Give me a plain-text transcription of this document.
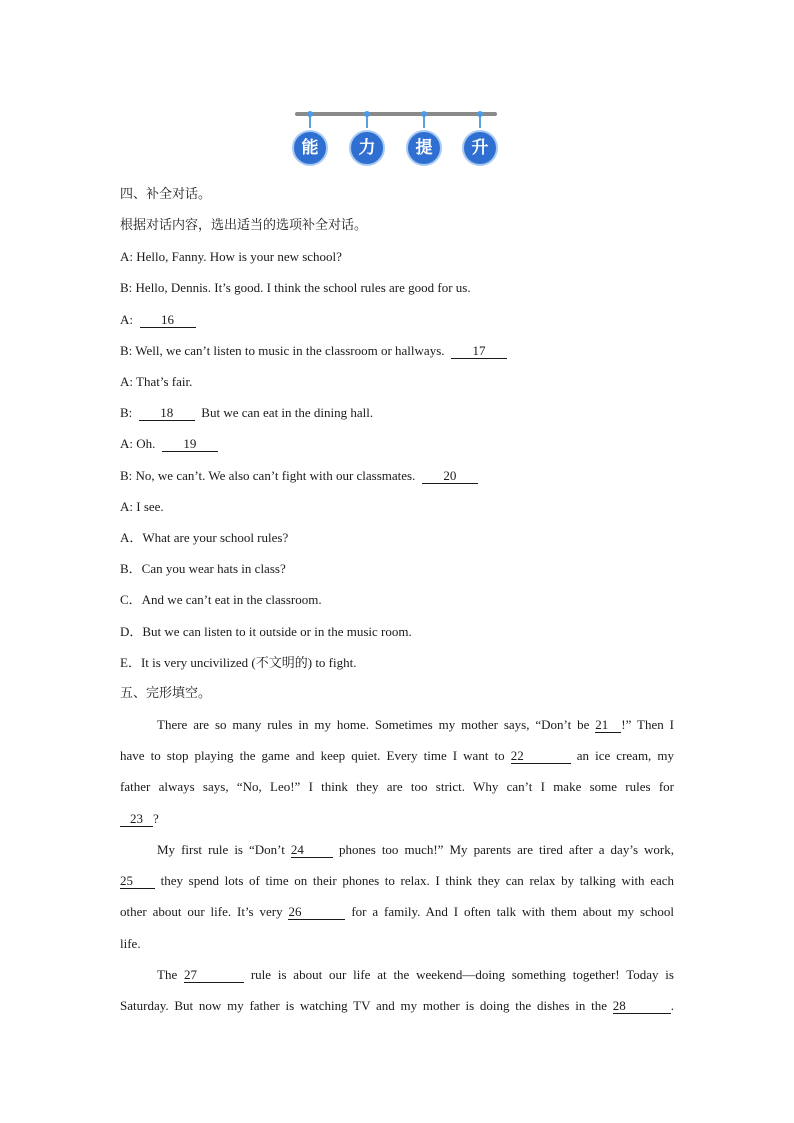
能	力	提	升
四、补全对话。
根据对话内容，选出适当的选项补全对话。
A: Hello, Fanny. How is your new school?
B: Hello, Dennis. It’s good. I think the school rules are good for us.
A:  16
B: Well, we can’t listen to music in the classroom or hallways.  17
A: That’s fair.
B:  18  But we can eat in the dining hall.
A: Oh.  19
B: No, we can’t. We also can’t fight with our classmates.  20
A: I see.
A．What are your school rules?
B．Can you wear hats in class?
C．And we can’t eat in the classroom.
D．But we can listen to it outside or in the music room.
E．It is very uncivilized (不文明的) to fight.
五、完形填空。
There are so many rules in my home. Sometimes my mother says, “Don’t be 21 !” Then I
have to stop playing the game and keep quiet. Every time I want to 22	an ice cream, my
father always says, “No, Leo!” I think they are too strict. Why can’t I make some rules for
23 ?
My first rule is “Don’t 24 phones too much!” My parents are tired after a day’s work,
25 they spend lots of time on their phones to relax. I think they can relax by talking with each
other about our life. It’s very 26	for a family. And I often talk with them about my school
life.
The 27	rule is about our life at the weekend—doing something together! Today is
Saturday. But now my father is watching TV and my mother is doing the dishes in the 28	.
